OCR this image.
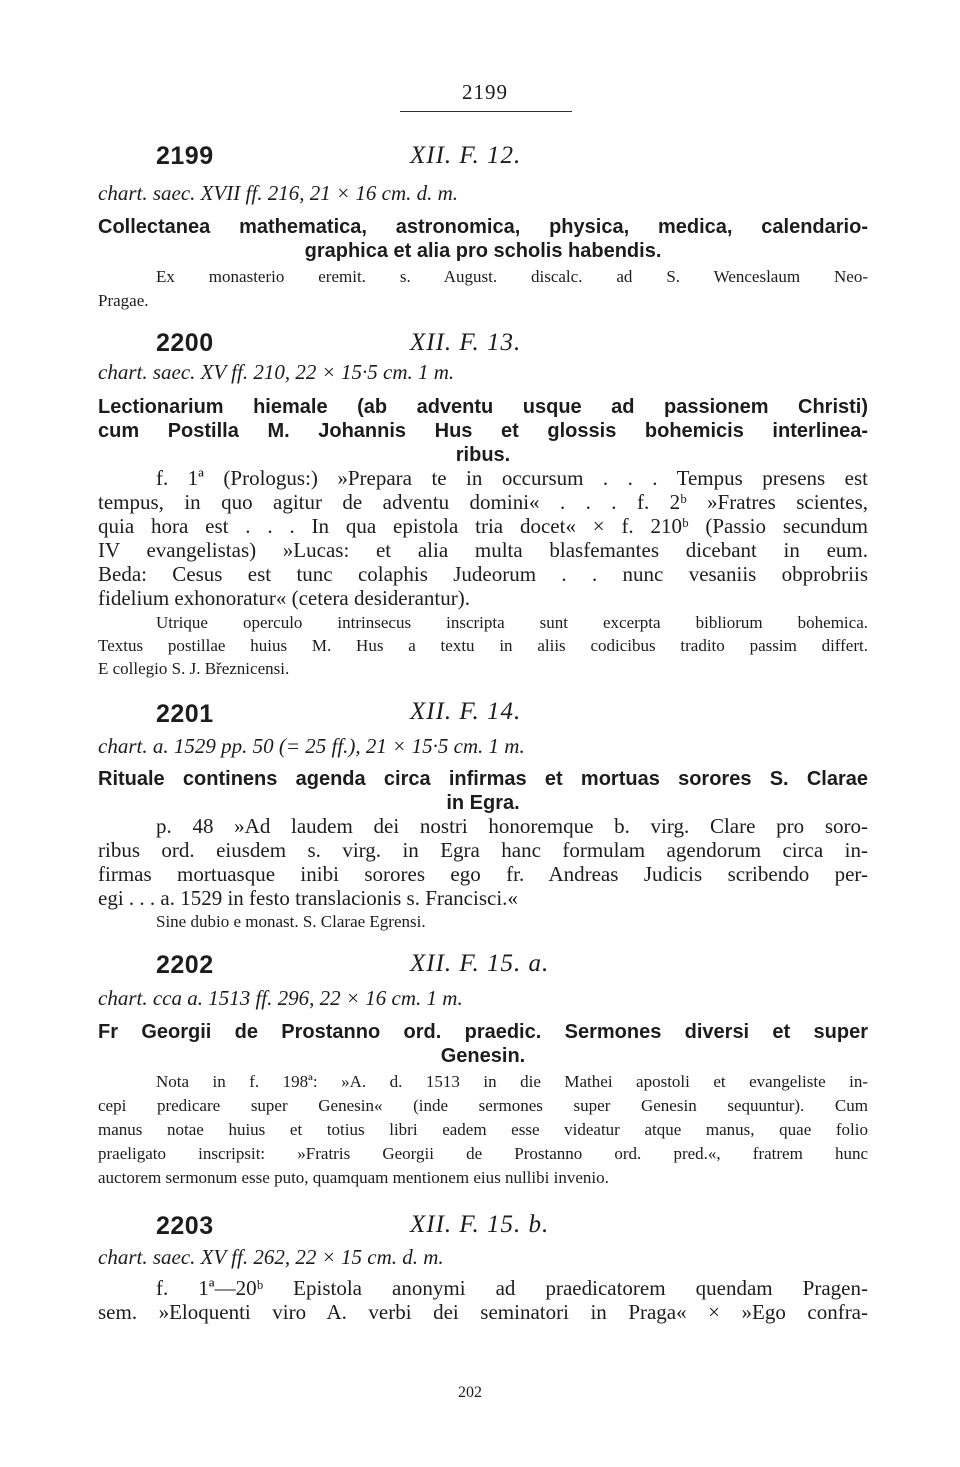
2199
2199	XII. F. 12.
chart. saec. XVII ff. 216, 21 × 16 cm. d. m.
Collectanea mathematica, astronomica, physica, medica, calendario-
graphica et alia pro scholis habendis.
Ex monasterio eremit. s. August. discalc. ad S. Wenceslaum Neo-
Pragae.
2200	XII. F. 13.
chart. saec. XV ff. 210, 22 × 15·5 cm. 1 m.
Lectionarium hiemale (ab adventu usque ad passionem Christi)
cum Postilla M. Johannis Hus et glossis bohemicis interlinea-
ribus.
f. 1ª (Prologus:) »Prepara te in occursum . . . Tempus presens est
tempus, in quo agitur de adventu domini« . . . f. 2ᵇ »Fratres scientes,
quia hora est . . . In qua epistola tria docet« × f. 210ᵇ (Passio secundum
IV evangelistas) »Lucas: et alia multa blasfemantes dicebant in eum.
Beda: Cesus est tunc colaphis Judeorum . . nunc vesaniis obprobriis
fidelium exhonoratur« (cetera desiderantur).
Utrique operculo intrinsecus inscripta sunt excerpta bibliorum bohemica.
Textus postillae huius M. Hus a textu in aliis codicibus tradito passim differt.
E collegio S. J. Březnicensi.
2201	XII. F. 14.
chart. a. 1529 pp. 50 (= 25 ff.), 21 × 15·5 cm. 1 m.
Rituale continens agenda circa infirmas et mortuas sorores S. Clarae
in Egra.
p. 48 »Ad laudem dei nostri honoremque b. virg. Clare pro soro-
ribus ord. eiusdem s. virg. in Egra hanc formulam agendorum circa in-
firmas mortuasque inibi sorores ego fr. Andreas Judicis scribendo per-
egi . . . a. 1529 in festo translacionis s. Francisci.«
Sine dubio e monast. S. Clarae Egrensi.
2202	XII. F. 15. a.
chart. cca a. 1513 ff. 296, 22 × 16 cm. 1 m.
Fr Georgii de Prostanno ord. praedic. Sermones diversi et super
Genesin.
Nota in f. 198ª: »A. d. 1513 in die Mathei apostoli et evangeliste in-
cepi predicare super Genesin« (inde sermones super Genesin sequuntur). Cum
manus notae huius et totius libri eadem esse videatur atque manus, quae folio
praeligato inscripsit: »Fratris Georgii de Prostanno ord. pred.«, fratrem hunc
auctorem sermonum esse puto, quamquam mentionem eius nullibi invenio.
2203	XII. F. 15. b.
chart. saec. XV ff. 262, 22 × 15 cm. d. m.
f. 1ª—20ᵇ Epistola anonymi ad praedicatorem quendam Pragen-
sem. »Eloquenti viro A. verbi dei seminatori in Praga« × »Ego confra-
202
